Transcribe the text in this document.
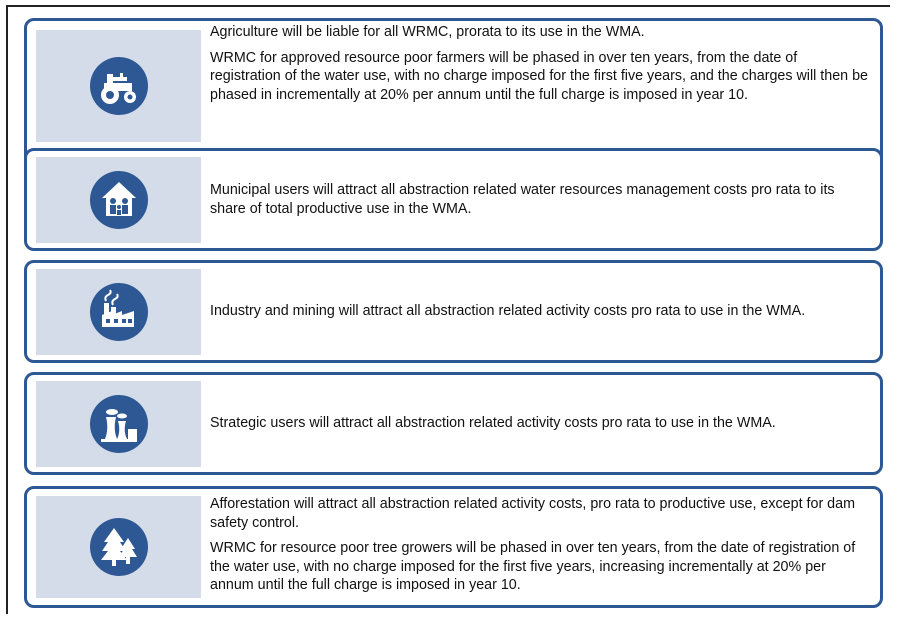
Agriculture will be liable for all WRMC, prorata to its use in the WMA.

WRMC for approved resource poor farmers will be phased in over ten years, from the date of registration of the water use, with no charge imposed for the first five years, and the charges will then be phased in incrementally at 20% per annum until the full charge is imposed in year 10.

Municipal users will attract all abstraction related water resources management costs pro rata to its share of total productive use in the WMA.

Industry and mining will attract all abstraction related activity costs pro rata to use in the WMA.

Strategic users will attract all abstraction related activity costs pro rata to use in the WMA.

Afforestation will attract all abstraction related activity costs, pro rata to productive use, except for dam safety control.

WRMC for resource poor tree growers will be phased in over ten years, from the date of registration of the water use, with no charge imposed for the first five years, increasing incrementally at 20% per annum until the full charge is imposed in year 10.
